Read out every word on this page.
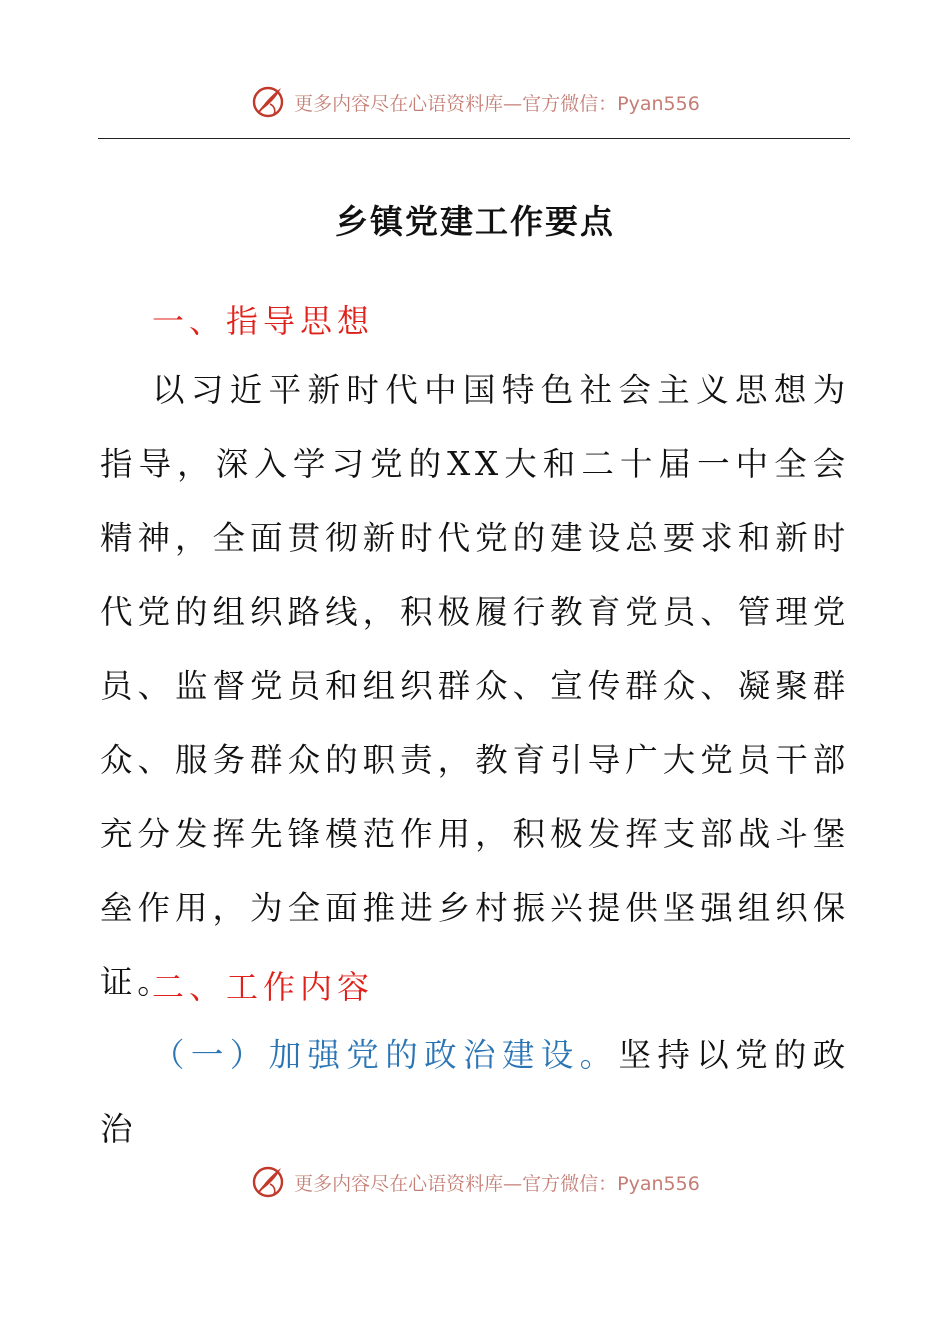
更多内容尽在心语资料库—官方微信：Pyan556
乡镇党建工作要点
一、指导思想

以习近平新时代中国特色社会主义思想为指导，深入学习党的XX大和二十届一中全会精神，全面贯彻新时代党的建设总要求和新时代党的组织路线，积极履行教育党员、管理党员、监督党员和组织群众、宣传群众、凝聚群众、服务群众的职责，教育引导广大党员干部充分发挥先锋模范作用，积极发挥支部战斗堡垒作用，为全面推进乡村振兴提供坚强组织保证。

二、工作内容

（一）加强党的政治建设。坚持以党的政治

更多内容尽在心语资料库—官方微信：Pyan556
